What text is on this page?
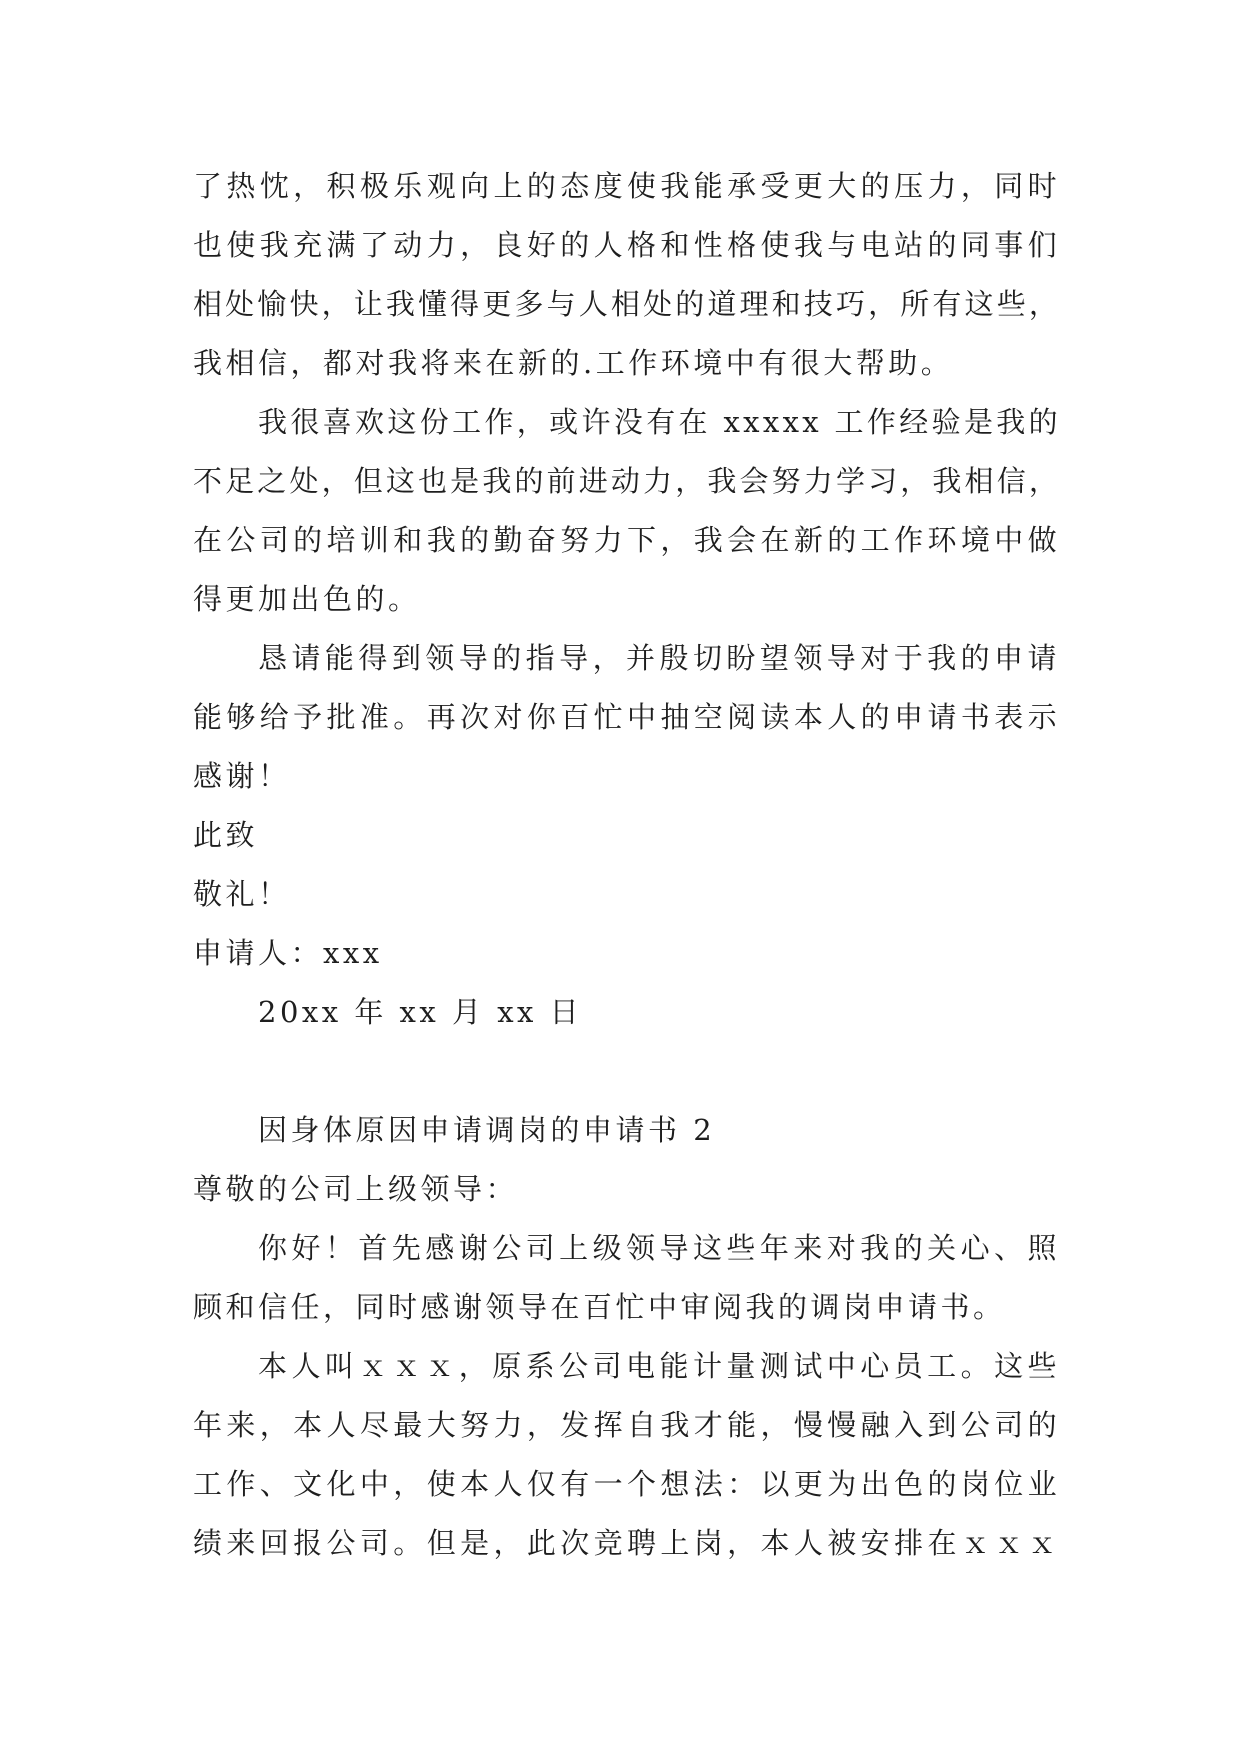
了热忱，积极乐观向上的态度使我能承受更大的压力，同时
也使我充满了动力，良好的人格和性格使我与电站的同事们
相处愉快，让我懂得更多与人相处的道理和技巧，所有这些，
我相信，都对我将来在新的.工作环境中有很大帮助。
我很喜欢这份工作，或许没有在 xxxxx 工作经验是我的
不足之处，但这也是我的前进动力，我会努力学习，我相信，
在公司的培训和我的勤奋努力下，我会在新的工作环境中做
得更加出色的。
恳请能得到领导的指导，并殷切盼望领导对于我的申请
能够给予批准。再次对你百忙中抽空阅读本人的申请书表示
感谢！
此致
敬礼！
申请人：xxx
20xx 年 xx 月 xx 日
因身体原因申请调岗的申请书 2
尊敬的公司上级领导：
你好！首先感谢公司上级领导这些年来对我的关心、照
顾和信任，同时感谢领导在百忙中审阅我的调岗申请书。
本人叫ｘｘｘ，原系公司电能计量测试中心员工。这些
年来，本人尽最大努力，发挥自我才能，慢慢融入到公司的
工作、文化中，使本人仅有一个想法：以更为出色的岗位业
绩来回报公司。但是，此次竞聘上岗，本人被安排在ｘｘｘ
